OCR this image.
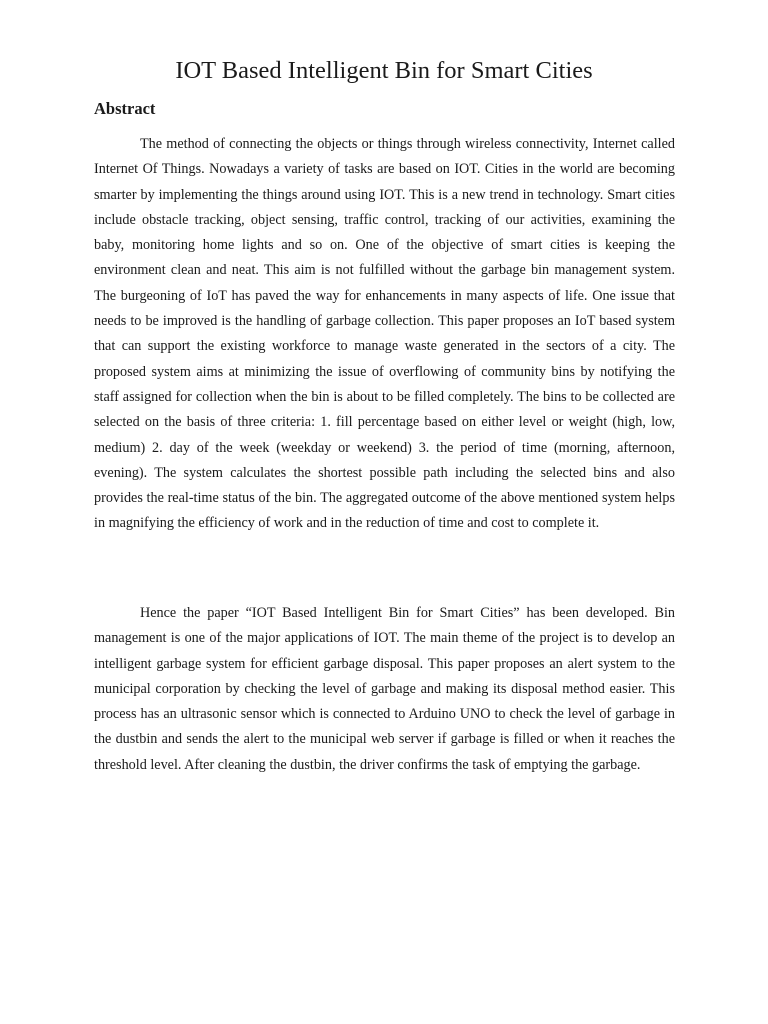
IOT Based Intelligent Bin for Smart Cities
Abstract

The method of connecting the objects or things through wireless connectivity, Internet called Internet Of Things. Nowadays a variety of tasks are based on IOT. Cities in the world are becoming smarter by implementing the things around using IOT. This is a new trend in technology. Smart cities include obstacle tracking, object sensing, traffic control, tracking of our activities, examining the baby, monitoring home lights and so on. One of the objective of smart cities is keeping the environment clean and neat. This aim is not fulfilled without the garbage bin management system. The burgeoning of IoT has paved the way for enhancements in many aspects of life. One issue that needs to be improved is the handling of garbage collection. This paper proposes an IoT based system that can support the existing workforce to manage waste generated in the sectors of a city. The proposed system aims at minimizing the issue of overflowing of community bins by notifying the staff assigned for collection when the bin is about to be filled completely. The bins to be collected are selected on the basis of three criteria: 1. fill percentage based on either level or weight (high, low, medium) 2. day of the week (weekday or weekend) 3. the period of time (morning, afternoon, evening). The system calculates the shortest possible path including the selected bins and also provides the real-time status of the bin. The aggregated outcome of the above mentioned system helps in magnifying the efficiency of work and in the reduction of time and cost to complete it.

Hence the paper “IOT Based Intelligent Bin for Smart Cities” has been developed. Bin management is one of the major applications of IOT. The main theme of the project is to develop an intelligent garbage system for efficient garbage disposal. This paper proposes an alert system to the municipal corporation by checking the level of garbage and making its disposal method easier. This process has an ultrasonic sensor which is connected to Arduino UNO to check the level of garbage in the dustbin and sends the alert to the municipal web server if garbage is filled or when it reaches the threshold level. After cleaning the dustbin, the driver confirms the task of emptying the garbage.
